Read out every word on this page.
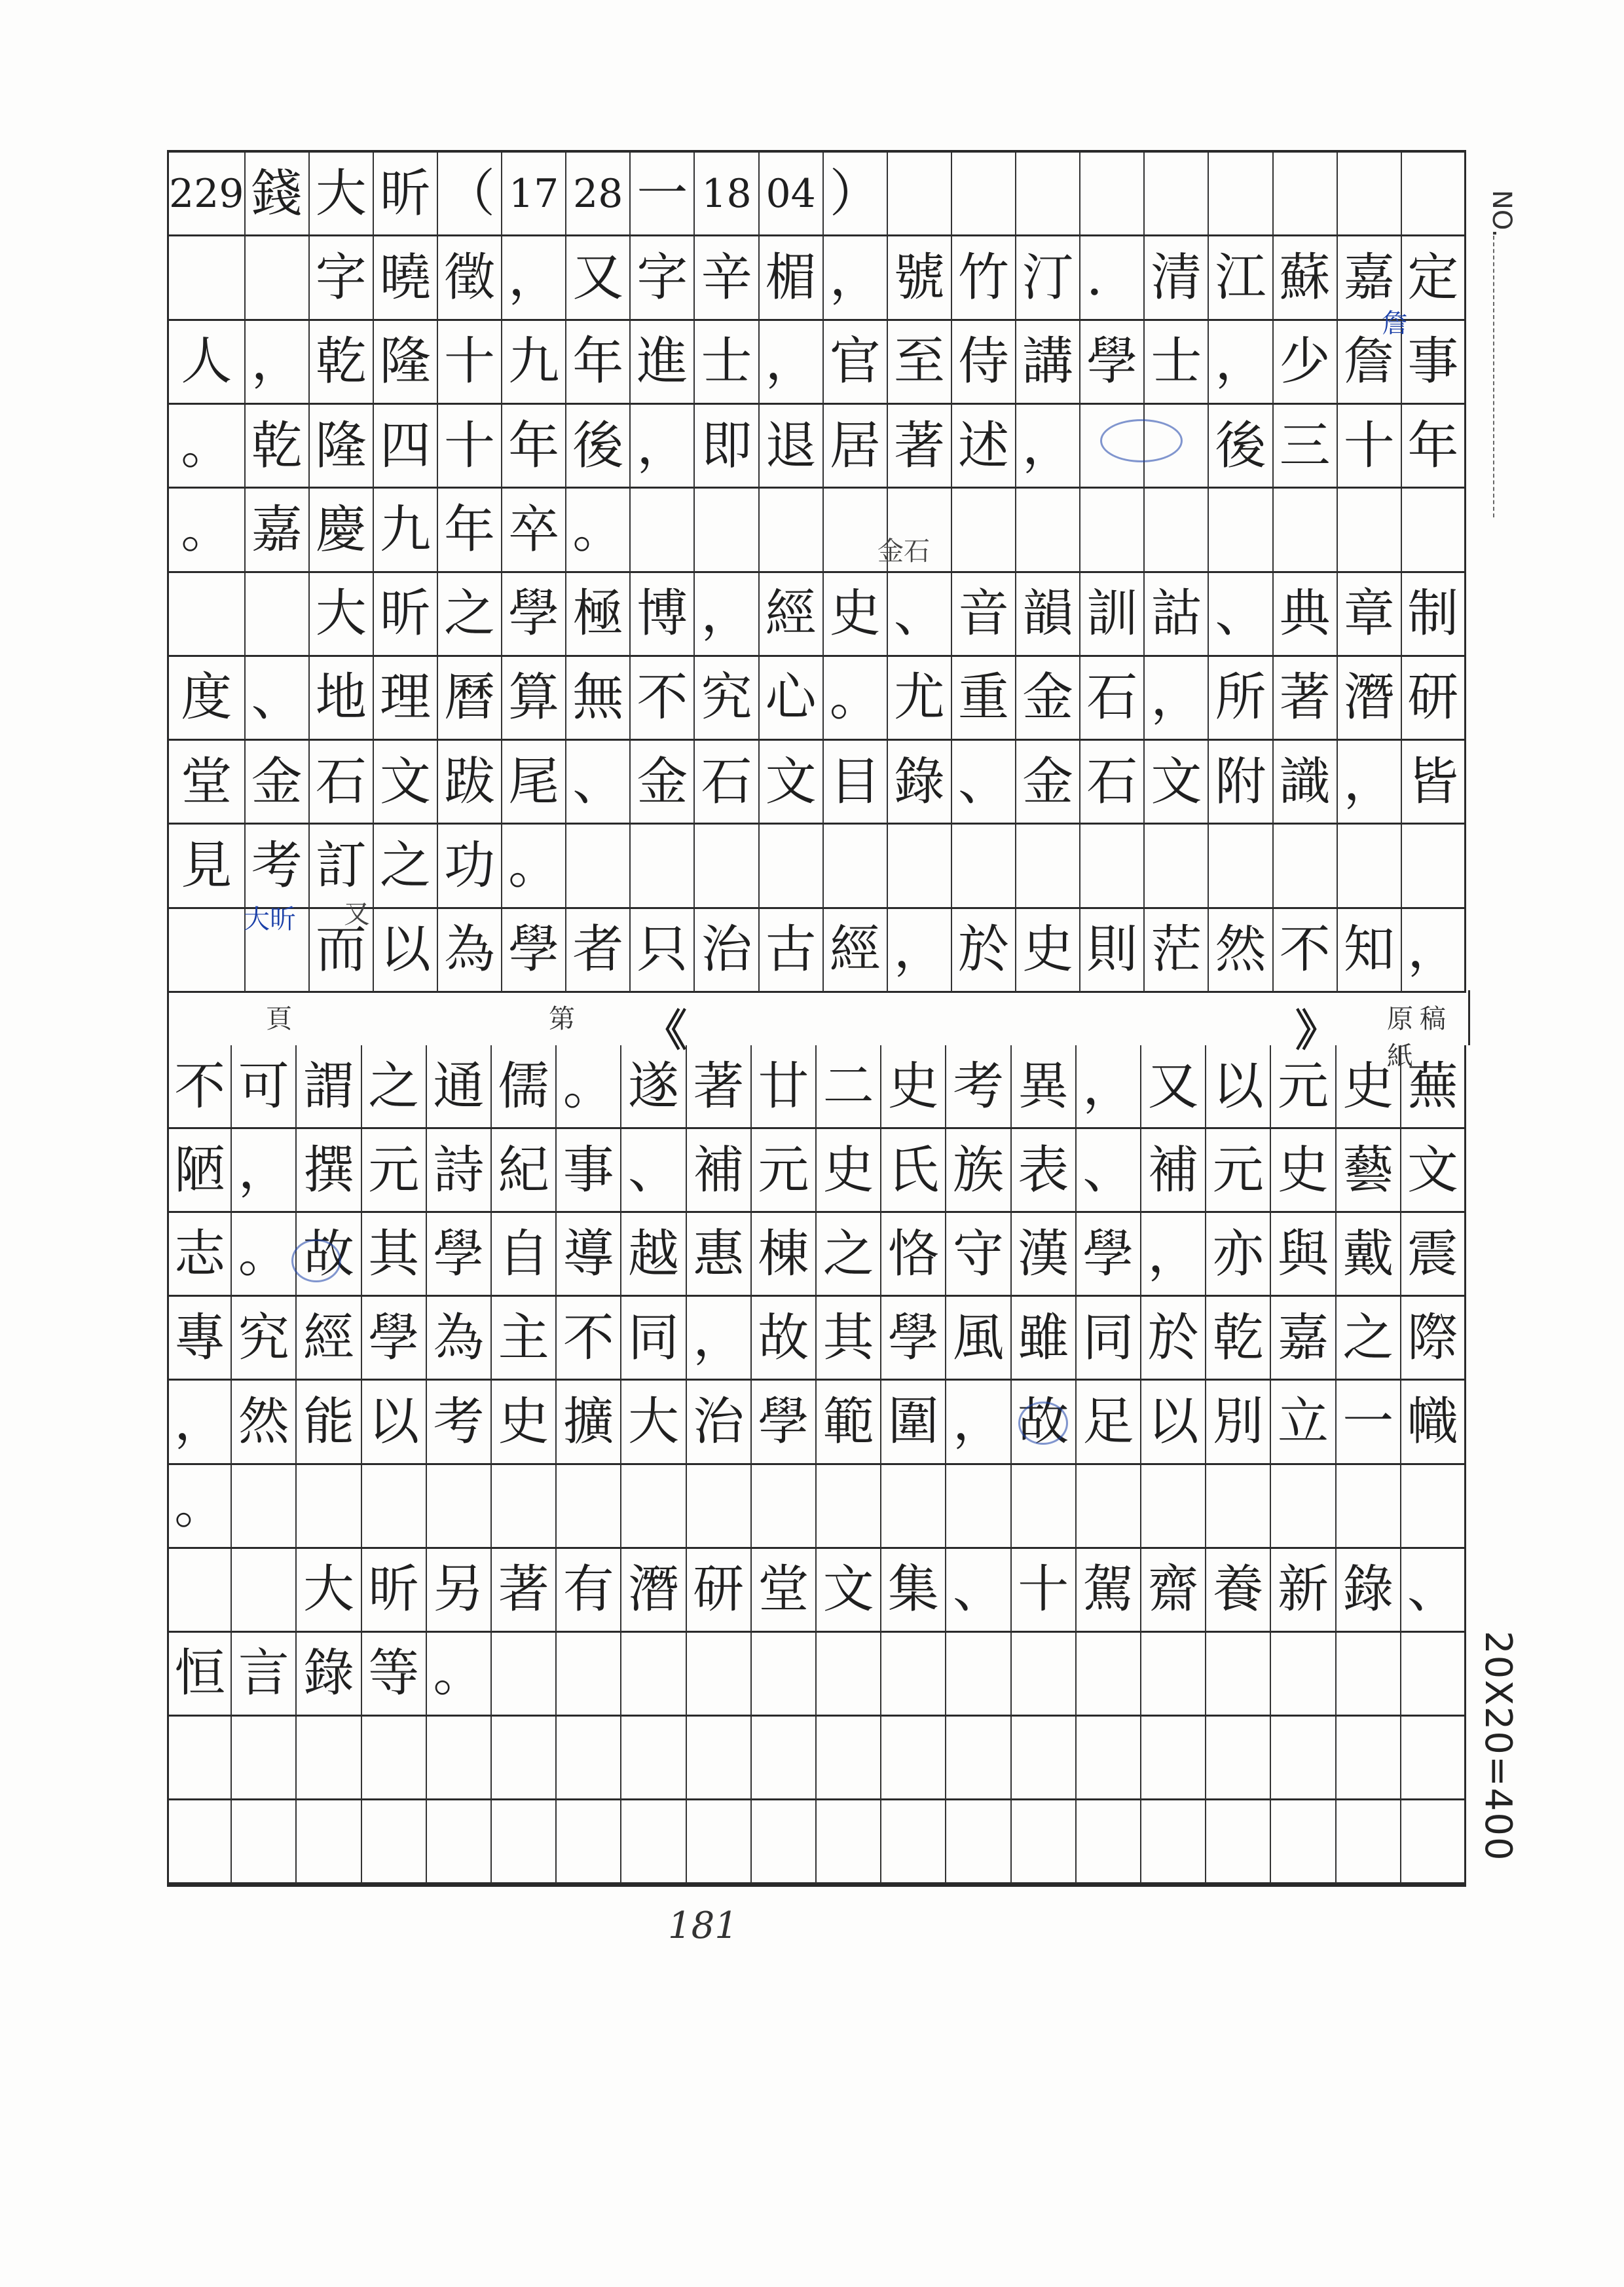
229 錢 大 昕 （ 17 28 一 18 04 ）
字 曉 徵 ， 又 字 辛 楣 ， 號 竹 汀 ． 清 江 蘇 嘉 定
人 ， 乾 隆 十 九 年 進 士 ， 官 至 侍 講 學 士 ， 少 詹 事
。 乾 隆 四 十 年 後 ， 即 退 居 著 述 ，	後 三 十 年
。 嘉 慶 九 年 卒 。
大 昕 之 學 極 博 ， 經 史 、 音 韻 訓 詁 、 典 章 制
度 、 地 理 曆 算 無 不 究 心 。 尤 重 金 石 ， 所 著 潛 研
堂 金 石 文 跋 尾 、 金 石 文 目 錄 、 金 石 文 附 識 ， 皆
見 考 訂 之 功 。
而 以 為 學 者 只 治 古 經 ， 於 史 則 茫 然 不 知 ，
頁	第 《	》 原稿紙
不 可 謂 之 通 儒 。 遂 著 廿 二 史 考 異 ， 又 以 元 史 蕪
陋 ， 撰 元 詩 紀 事 、 補 元 史 氏 族 表 、 補 元 史 藝 文
志 。 故 其 學 自 導 越 惠 棟 之 恪 守 漢 學 ， 亦 與 戴 震
專 究 經 學 為 主 不 同 ， 故 其 學 風 雖 同 於 乾 嘉 之 際
， 然 能 以 考 史 擴 大 治 學 範 圍 ， 故 足 以 別 立 一 幟
。
大 昕 另 著 有 潛 研 堂 文 集 、 十 駕 齋 養 新 錄 、
恒 言 錄 等 。
NO.
20X20=400
181
詹
金石
大昕 又
